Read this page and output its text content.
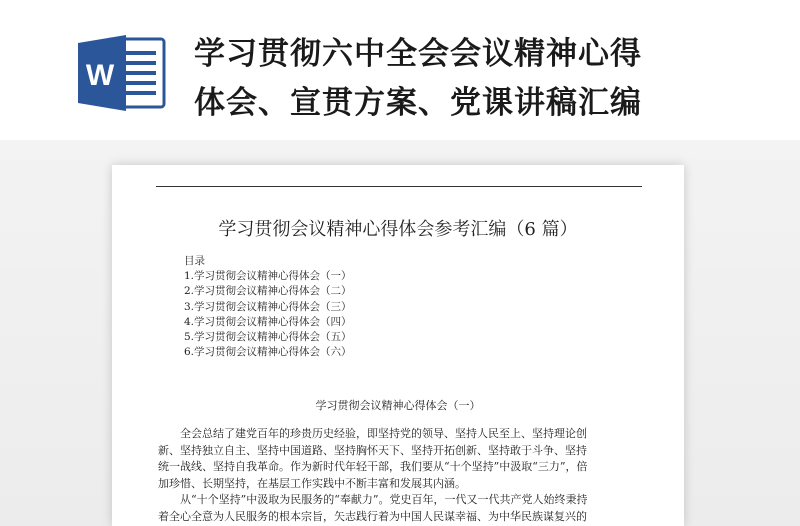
W
学习贯彻六中全会会议精神心得
体会、宣贯方案、党课讲稿汇编
学习贯彻会议精神心得体会参考汇编（6 篇）
目录
1.学习贯彻会议精神心得体会（一）
2.学习贯彻会议精神心得体会（二）
3.学习贯彻会议精神心得体会（三）
4.学习贯彻会议精神心得体会（四）
5.学习贯彻会议精神心得体会（五）
6.学习贯彻会议精神心得体会（六）
学习贯彻会议精神心得体会（一）
全会总结了建党百年的珍贵历史经验，即坚持党的领导、坚持人民至上、坚持理论创
新、坚持独立自主、坚持中国道路、坚持胸怀天下、坚持开拓创新、坚持敢于斗争、坚持
统一战线、坚持自我革命。作为新时代年轻干部，我们要从“十个坚持”中汲取“三力”，倍
加珍惜、长期坚持，在基层工作实践中不断丰富和发展其内涵。
从“十个坚持”中汲取为民服务的“奉献力”。党史百年，一代又一代共产党人始终秉持
着全心全意为人民服务的根本宗旨，矢志践行着为中国人民谋幸福、为中华民族谋复兴的
